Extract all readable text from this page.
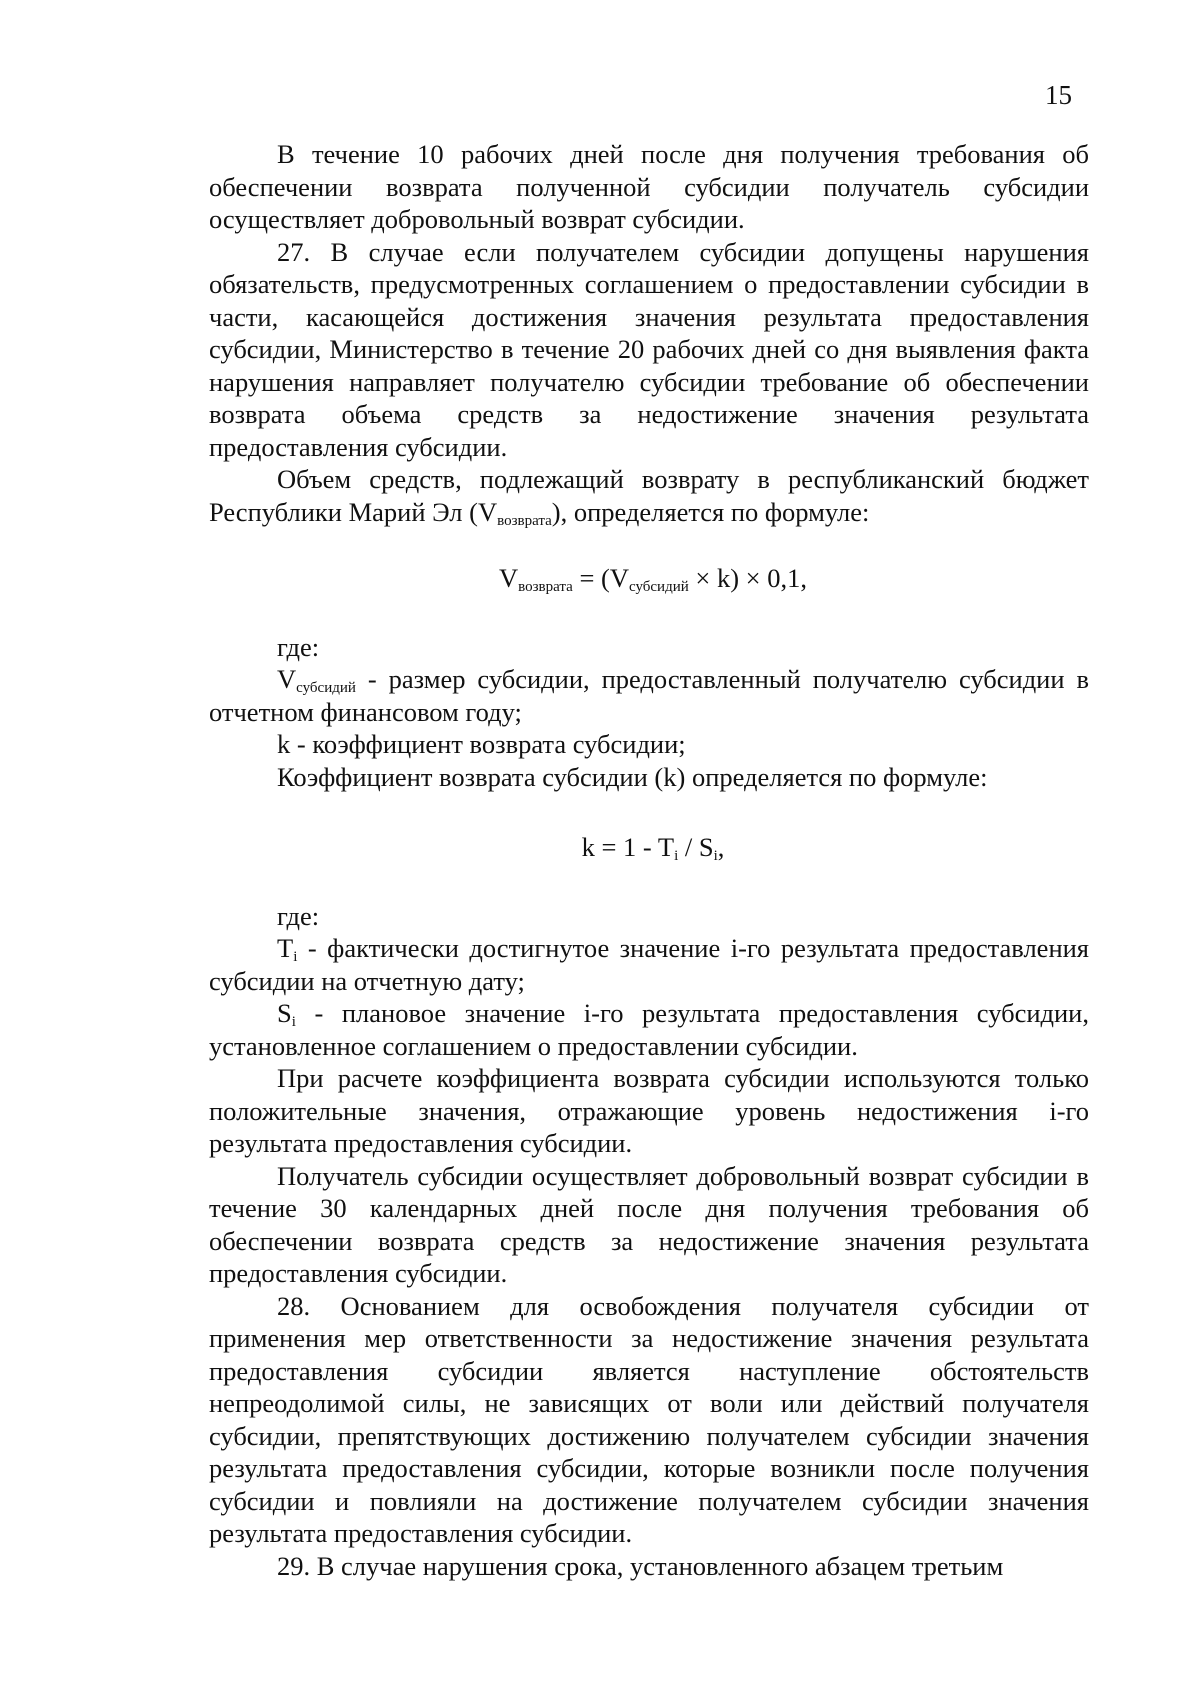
15

В течение 10 рабочих дней после дня получения требования об обеспечении возврата полученной субсидии получатель субсидии осуществляет добровольный возврат субсидии.

27. В случае если получателем субсидии допущены нарушения обязательств, предусмотренных соглашением о предоставлении субсидии в части, касающейся достижения значения результата предоставления субсидии, Министерство в течение 20 рабочих дней со дня выявления факта нарушения направляет получателю субсидии требование об обеспечении возврата объема средств за недостижение значения результата предоставления субсидии.

Объем средств, подлежащий возврату в республиканский бюджет Республики Марий Эл $(V_{возврата})$, определяется по формуле:

$V_{возврата} = (V_{субсидий} \times k) \times 0,1$,

где:

$V_{субсидий}$ - размер субсидии, предоставленный получателю субсидии в отчетном финансовом году;

k - коэффициент возврата субсидии;

Коэффициент возврата субсидии (k) определяется по формуле:

$k = 1 - T_i / S_i$,

где:

$T_i$ - фактически достигнутое значение i-го результата предоставления субсидии на отчетную дату;

$S_i$ - плановое значение i-го результата предоставления субсидии, установленное соглашением о предоставлении субсидии.

При расчете коэффициента возврата субсидии используются только положительные значения, отражающие уровень недостижения i-го результата предоставления субсидии.

Получатель субсидии осуществляет добровольный возврат субсидии в течение 30 календарных дней после дня получения требования об обеспечении возврата средств за недостижение значения результата предоставления субсидии.

28. Основанием для освобождения получателя субсидии от применения мер ответственности за недостижение значения результата предоставления субсидии является наступление обстоятельств непреодолимой силы, не зависящих от воли или действий получателя субсидии, препятствующих достижению получателем субсидии значения результата предоставления субсидии, которые возникли после получения субсидии и повлияли на достижение получателем субсидии значения результата предоставления субсидии.

29. В случае нарушения срока, установленного абзацем третьим
